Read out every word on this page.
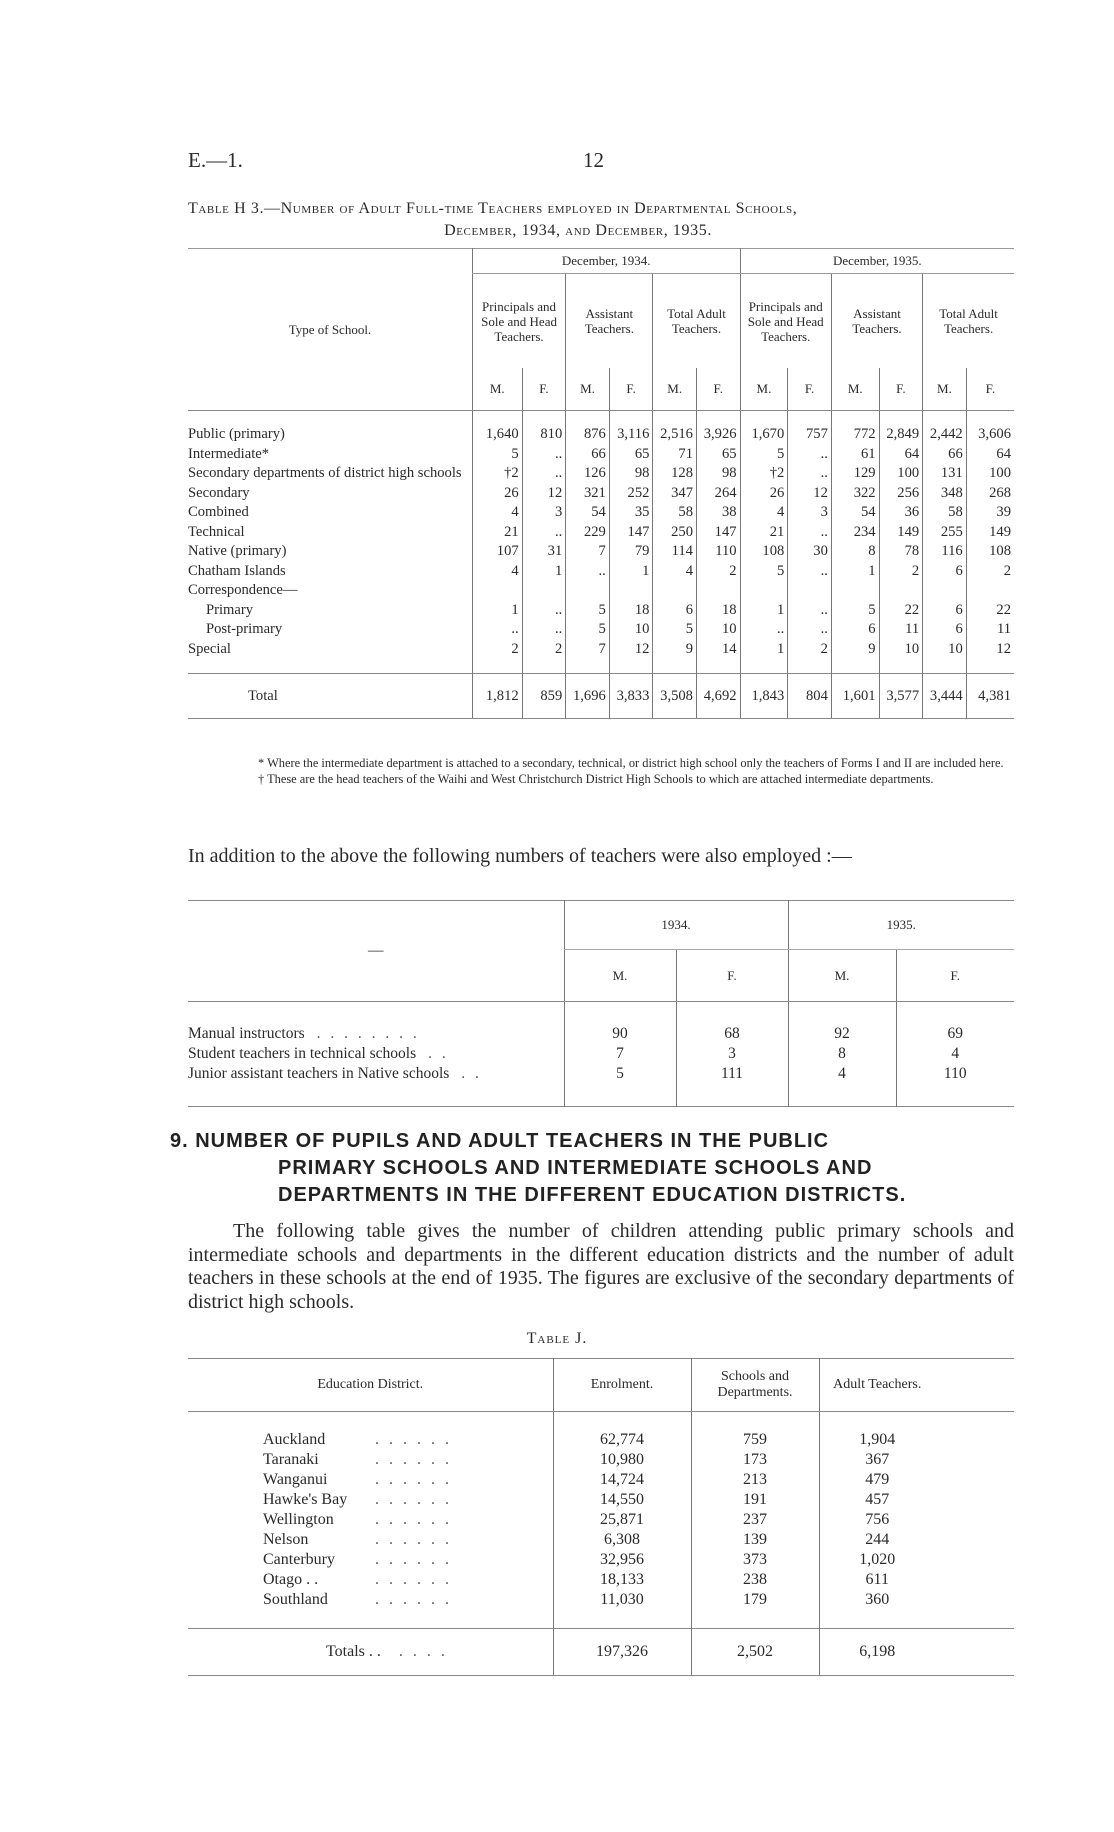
E.—1.	12
Table H 3.—Number of Adult Full-time Teachers employed in Departmental Schools,
December, 1934, and December, 1935.
Type of School.	December, 1934.						December, 1935.					
	Principals and Sole and Head Teachers.		Assistant Teachers.		Total Adult Teachers.		Principals and Sole and Head Teachers.		Assistant Teachers.		Total Adult Teachers.	
	M.	F.	M.	F.	M.	F.	M.	F.	M.	F.	M.	F.

Public (primary)	1,640	810	876	3,116	2,516	3,926	1,670	757	772	2,849	2,442	3,606
Intermediate*	5	..	66	65	71	65	5	..	61	64	66	64
Secondary departments of district high schools	†2	..	126	98	128	98	†2	..	129	100	131	100
Secondary	26	12	321	252	347	264	26	12	322	256	348	268
Combined	4	3	54	35	58	38	4	3	54	36	58	39
Technical	21	..	229	147	250	147	21	..	234	149	255	149
Native (primary)	107	31	7	79	114	110	108	30	8	78	116	108
Chatham Islands	4	1	..	1	4	2	5	..	1	2	6	2
Correspondence—												
Primary	1	..	5	18	6	18	1	..	5	22	6	22
Post-primary	..	..	5	10	5	10	..	..	6	11	6	11
Special	2	2	7	12	9	14	1	2	9	10	10	12

Total	1,812	859	1,696	3,833	3,508	4,692	1,843	804	1,601	3,577	3,444	4,381
* Where the intermediate department is attached to a secondary, technical, or district high school only the teachers of Forms I and II are included here.
† These are the head teachers of the Waihi and West Christchurch District High Schools to which are attached intermediate departments.
In addition to the above the following numbers of teachers were also employed :—
—	1934.		1935.	
	M.	F.	M.	F.

Manual instructors . . . . . . . .	90	68	92	69
Student teachers in technical schools . .	7	3	8	4
Junior assistant teachers in Native schools . .	5	111	4	110

9. NUMBER OF PUPILS AND ADULT TEACHERS IN THE PUBLIC
PRIMARY SCHOOLS AND INTERMEDIATE SCHOOLS AND
DEPARTMENTS IN THE DIFFERENT EDUCATION DISTRICTS.
The following table gives the number of children attending public primary schools and intermediate schools and departments in the different education districts and the number of adult teachers in these schools at the end of 1935. The figures are exclusive of the secondary departments of district high schools.
Table J.
Education District.	Enrolment.	Schools and Departments.	Adult Teachers.	

Auckland . . . . . .	62,774	759	1,904	
Taranaki . . . . . .	10,980	173	367	
Wanganui . . . . . .	14,724	213	479	
Hawke's Bay . . . . . .	14,550	191	457	
Wellington . . . . . .	25,871	237	756	
Nelson . . . . . .	6,308	139	244	
Canterbury . . . . . .	32,956	373	1,020	
Otago . . . . . . . .	18,133	238	611	
Southland . . . . . .	11,030	179	360	

Totals . . . . . .	197,326	2,502	6,198	
